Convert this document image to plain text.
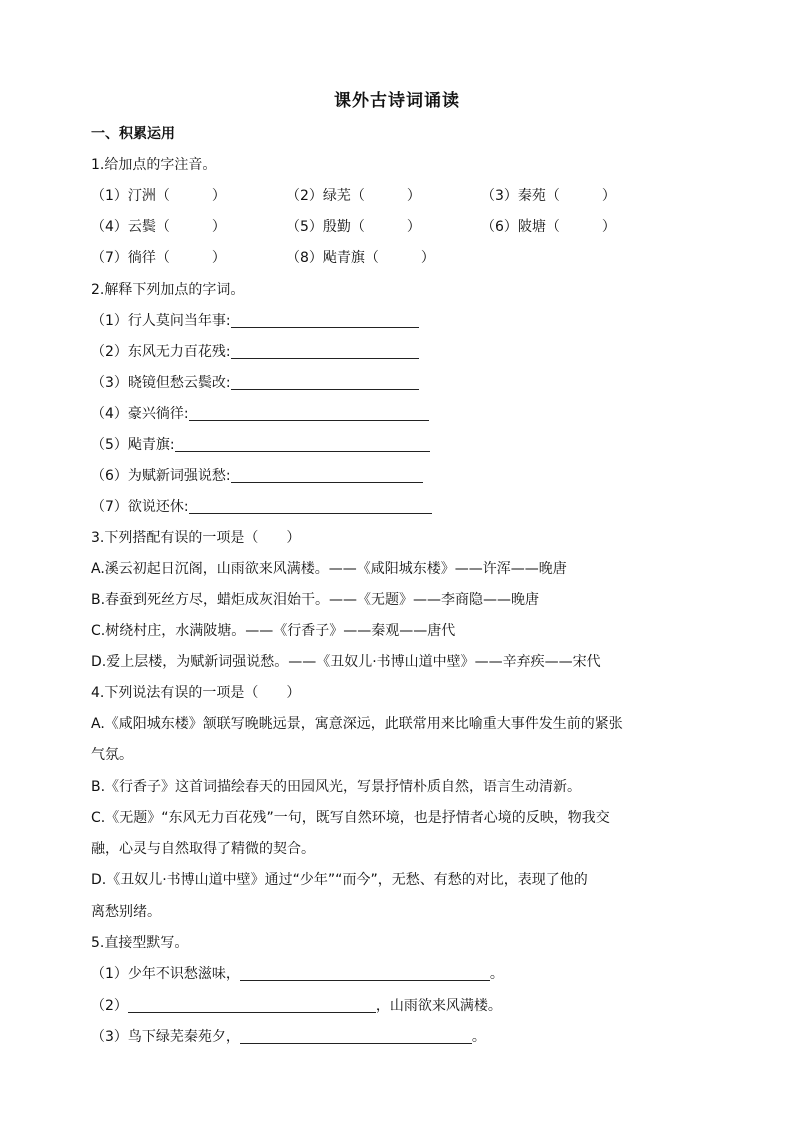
课外古诗词诵读
一、积累运用
1.给加点的字注音。
（1）汀洲（　　　）	（2）绿芜（　　　）	（3）秦苑（　　　）
（4）云鬓（　　　）	（5）殷勤（　　　）	（6）陂塘（　　　）
（7）徜徉（　　　）	（8）飐青旗（　　　）
2.解释下列加点的字词。
（1）行人莫问当年事:
（2）东风无力百花残:
（3）晓镜但愁云鬓改:
（4）豪兴徜徉:
（5）飐青旗:
（6）为赋新词强说愁:
（7）欲说还休:
3.下列搭配有误的一项是（　　）
A.溪云初起日沉阁，山雨欲来风满楼。——《咸阳城东楼》——许浑——晚唐
B.春蚕到死丝方尽，蜡炬成灰泪始干。——《无题》——李商隐——晚唐
C.树绕村庄，水满陂塘。——《行香子》——秦观——唐代
D.爱上层楼，为赋新词强说愁。——《丑奴儿·书博山道中壁》——辛弃疾——宋代
4.下列说法有误的一项是（　　）
A.《咸阳城东楼》颔联写晚眺远景，寓意深远，此联常用来比喻重大事件发生前的紧张
气氛。
B.《行香子》这首词描绘春天的田园风光，写景抒情朴质自然，语言生动清新。
C.《无题》“东风无力百花残”一句，既写自然环境，也是抒情者心境的反映，物我交
融，心灵与自然取得了精微的契合。
D.《丑奴儿·书博山道中壁》通过“少年”“而今”，无愁、有愁的对比，表现了他的
离愁别绪。
5.直接型默写。
（1）少年不识愁滋味，	。
（2）	，山雨欲来风满楼。
（3）鸟下绿芜秦苑夕，	。
